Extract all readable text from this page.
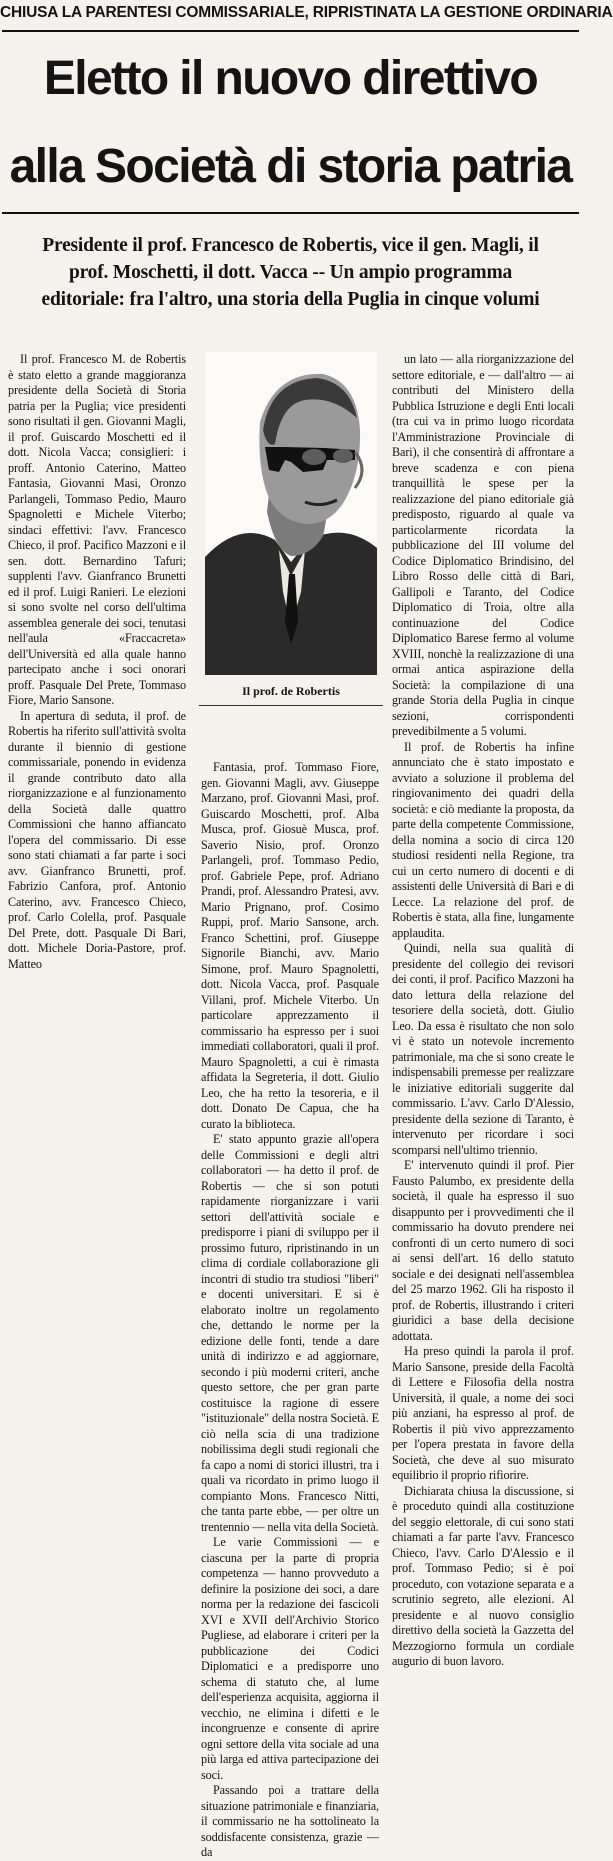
CHIUSA LA PARENTESI COMMISSARIALE, RIPRISTINATA LA GESTIONE ORDINARIA
Eletto il nuovo direttivo
alla Società di storia patria
Presidente il prof. Francesco de Robertis, vice il gen. Magli, il prof. Moschetti, il dott. Vacca -- Un ampio programma editoriale: fra l'altro, una storia della Puglia in cinque volumi

Il prof. Francesco M. de Robertis è stato eletto a grande maggioranza presidente della Società di Storia patria per la Puglia; vice presidenti sono risultati il gen. Giovanni Magli, il prof. Guiscardo Moschetti ed il dott. Nicola Vacca; consiglieri: i proff. Antonio Caterino, Matteo Fantasia, Giovanni Masi, Oronzo Parlangeli, Tommaso Pedio, Mauro Spagnoletti e Michele Viterbo; sindaci effettivi: l'avv. Francesco Chieco, il prof. Pacifico Mazzoni e il sen. dott. Bernardino Tafuri; supplenti l'avv. Gianfranco Brunetti ed il prof. Luigi Ranieri. Le elezioni si sono svolte nel corso dell'ultima assemblea generale dei soci, tenutasi nell'aula «Fraccacreta» dell'Università ed alla quale hanno partecipato anche i soci onorari proff. Pasquale Del Prete, Tommaso Fiore, Mario Sansone.

In apertura di seduta, il prof. de Robertis ha riferito sull'attività svolta durante il biennio di gestione commissariale, ponendo in evidenza il grande contributo dato alla riorganizzazione e al funzionamento della Società dalle quattro Commissioni che hanno affiancato l'opera del commissario. Di esse sono stati chiamati a far parte i soci avv. Gianfranco Brunetti, prof. Fabrizio Canfora, prof. Antonio Caterino, avv. Francesco Chieco, prof. Carlo Colella, prof. Pasquale Del Prete, dott. Pasquale Di Bari, dott. Michele Doria-Pastore, prof. Matteo

Il prof. de Robertis

Fantasia, prof. Tommaso Fiore, gen. Giovanni Magli, avv. Giuseppe Marzano, prof. Giovanni Masi, prof. Guiscardo Moschetti, prof. Alba Musca, prof. Giosuè Musca, prof. Saverio Nisio, prof. Oronzo Parlangeli, prof. Tommaso Pedio, prof. Gabriele Pepe, prof. Adriano Prandi, prof. Alessandro Pratesi, avv. Mario Prignano, prof. Cosimo Ruppi, prof. Mario Sansone, arch. Franco Schettini, prof. Giuseppe Signorile Bianchi, avv. Mario Simone, prof. Mauro Spagnoletti, dott. Nicola Vacca, prof. Pasquale Villani, prof. Michele Viterbo. Un particolare apprezzamento il commissario ha espresso per i suoi immediati collaboratori, quali il prof. Mauro Spagnoletti, a cui è rimasta affidata la Segreteria, il dott. Giulio Leo, che ha retto la tesoreria, e il dott. Donato De Capua, che ha curato la biblioteca.

E' stato appunto grazie all'opera delle Commissioni e degli altri collaboratori — ha detto il prof. de Robertis — che si son potuti rapidamente riorganizzare i varii settori dell'attività sociale e predisporre i piani di sviluppo per il prossimo futuro, ripristinando in un clima di cordiale collaborazione gli incontri di studio tra studiosi "liberi" e docenti universitari. E si è elaborato inoltre un regolamento che, dettando le norme per la edizione delle fonti, tende a dare unità di indirizzo e ad aggiornare, secondo i più moderni criteri, anche questo settore, che per gran parte costituisce la ragione di essere "istituzionale" della nostra Società. E ciò nella scia di una tradizione nobilissima degli studi regionali che fa capo a nomi di storici illustri, tra i quali va ricordato in primo luogo il compianto Mons. Francesco Nitti, che tanta parte ebbe, — per oltre un trentennio — nella vita della Società.

Le varie Commissioni — e ciascuna per la parte di propria competenza — hanno provveduto a definire la posizione dei soci, a dare norma per la redazione dei fascicoli XVI e XVII dell'Archivio Storico Pugliese, ad elaborare i criteri per la pubblicazione dei Codici Diplomatici e a predisporre uno schema di statuto che, al lume dell'esperienza acquisita, aggiorna il vecchio, ne elimina i difetti e le incongruenze e consente di aprire ogni settore della vita sociale ad una più larga ed attiva partecipazione dei soci.

Passando poi a trattare della situazione patrimoniale e finanziaria, il commissario ne ha sottolineato la soddisfacente consistenza, grazie — da

un lato — alla riorganizzazione del settore editoriale, e — dall'altro — ai contributi del Ministero della Pubblica Istruzione e degli Enti locali (tra cui va in primo luogo ricordata l'Amministrazione Provinciale di Bari), il che consentirà di affrontare a breve scadenza e con piena tranquillità le spese per la realizzazione del piano editoriale già predisposto, riguardo al quale va particolarmente ricordata la pubblicazione del III volume del Codice Diplomatico Brindisino, del Libro Rosso delle città di Bari, Gallipoli e Taranto, del Codice Diplomatico di Troia, oltre alla continuazione del Codice Diplomatico Barese fermo al volume XVIII, nonchè la realizzazione di una ormai antica aspirazione della Società: la compilazione di una grande Storia della Puglia in cinque sezioni, corrispondenti prevedibilmente a 5 volumi.

Il prof. de Robertis ha infine annunciato che è stato impostato e avviato a soluzione il problema del ringiovanimento dei quadri della società: e ciò mediante la proposta, da parte della competente Commissione, della nomina a socio di circa 120 studiosi residenti nella Regione, tra cui un certo numero di docenti e di assistenti delle Università di Bari e di Lecce. La relazione del prof. de Robertis è stata, alla fine, lungamente applaudita.

Quindi, nella sua qualità di presidente del collegio dei revisori dei conti, il prof. Pacifico Mazzoni ha dato lettura della relazione del tesoriere della società, dott. Giulio Leo. Da essa è risultato che non solo vi è stato un notevole incremento patrimoniale, ma che si sono create le indispensabili premesse per realizzare le iniziative editoriali suggerite dal commissario. L'avv. Carlo D'Alessio, presidente della sezione di Taranto, è intervenuto per ricordare i soci scomparsi nell'ultimo triennio.

E' intervenuto quindi il prof. Pier Fausto Palumbo, ex presidente della società, il quale ha espresso il suo disappunto per i provvedimenti che il commissario ha dovuto prendere nei confronti di un certo numero di soci ai sensi dell'art. 16 dello statuto sociale e dei designati nell'assemblea del 25 marzo 1962. Gli ha risposto il prof. de Robertis, illustrando i criteri giuridici a base della decisione adottata.

Ha preso quindi la parola il prof. Mario Sansone, preside della Facoltà di Lettere e Filosofia della nostra Università, il quale, a nome dei soci più anziani, ha espresso al prof. de Robertis il più vivo apprezzamento per l'opera prestata in favore della Società, che deve al suo misurato equilibrio il proprio rifiorire.

Dichiarata chiusa la discussione, si è proceduto quindi alla costituzione del seggio elettorale, di cui sono stati chiamati a far parte l'avv. Francesco Chieco, l'avv. Carlo D'Alessio e il prof. Tommaso Pedio; si è poi proceduto, con votazione separata e a scrutinio segreto, alle elezioni. Al presidente e al nuovo consiglio direttivo della società la Gazzetta del Mezzogiorno formula un cordiale augurio di buon lavoro.
